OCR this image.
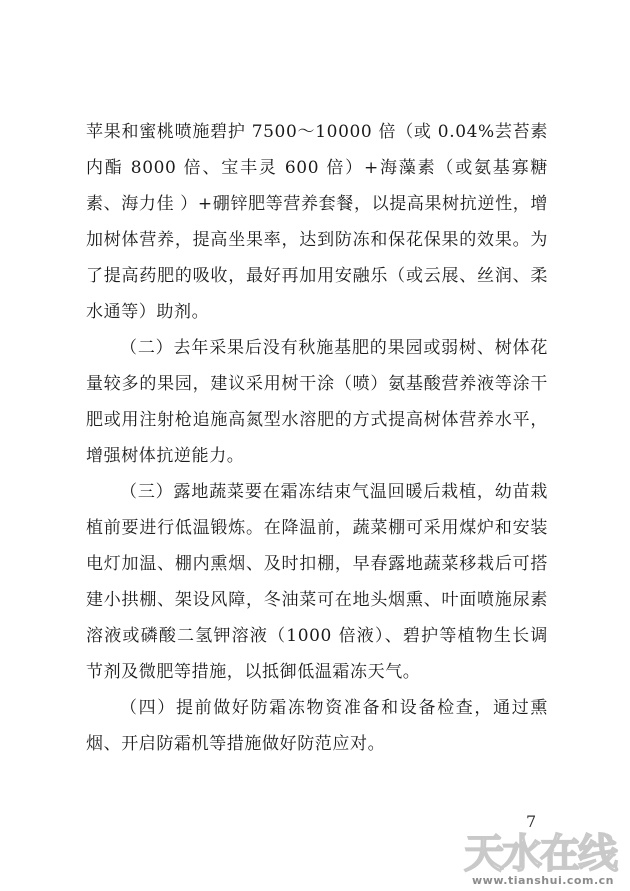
苹果和蜜桃喷施碧护 7500～10000 倍（或 0.04%芸苔素内酯 8000 倍、宝丰灵 600 倍）+海藻素（或氨基寡糖素、海力佳 ）+硼锌肥等营养套餐，以提高果树抗逆性，增加树体营养，提高坐果率，达到防冻和保花保果的效果。为了提高药肥的吸收，最好再加用安融乐（或云展、丝润、柔水通等）助剂。

（二）去年采果后没有秋施基肥的果园或弱树、树体花量较多的果园，建议采用树干涂（喷）氨基酸营养液等涂干肥或用注射枪追施高氮型水溶肥的方式提高树体营养水平，增强树体抗逆能力。

（三）露地蔬菜要在霜冻结束气温回暖后栽植，幼苗栽植前要进行低温锻炼。在降温前，蔬菜棚可采用煤炉和安装电灯加温、棚内熏烟、及时扣棚，早春露地蔬菜移栽后可搭建小拱棚、架设风障，冬油菜可在地头烟熏、叶面喷施尿素溶液或磷酸二氢钾溶液（1000 倍液）、碧护等植物生长调节剂及微肥等措施，以抵御低温霜冻天气。

（四）提前做好防霜冻物资准备和设备检查，通过熏烟、开启防霜机等措施做好防范应对。

7
天水在线
www.tianshui.com.cn
